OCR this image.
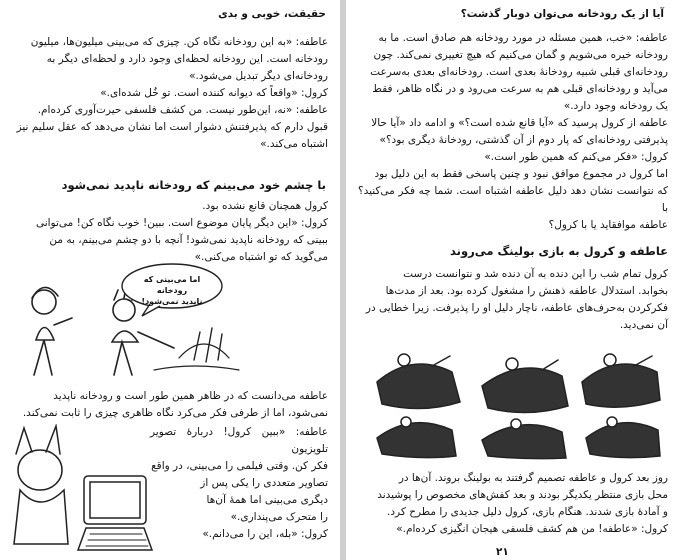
حقیقت، خوبی و بدی

عاطفه: «به این رودخانه نگاه کن. چیزی که می‌بینی میلیون‌ها، میلیون

رودخانه است. این رودخانه لحظه‌ای وجود دارد و لحظه‌ای دیگر به

رودخانه‌ای دیگر تبدیل می‌شود.»

کرول: «واقعاً که دیوانه کننده است. تو خُل شده‌ای.»

عاطفه: «نه، این‌طور نیست. من کشف فلسفی حیرت‌آوری کرده‌ام.

قبول دارم که پذیرفتنش دشوار است اما نشان می‌دهد که عقل سلیم نیز

اشتباه می‌کند.»

با چشم خود می‌بینم که رودخانه ناپدید نمی‌شود

کرول همچنان قانع نشده بود.

کرول: «این دیگر پایان موضوع است. ببین! خوب نگاه کن! می‌توانی

ببینی که رودخانه ناپدید نمی‌شود! آنچه با دو چشم می‌بینم، به من

می‌گوید که تو اشتباه می‌کنی.»

اما می‌بینی که رودخانه
ناپدید نمی‌شود!

عاطفه می‌دانست که در ظاهر همین طور است و رودخانه ناپدید

نمی‌شود، اما از طرفی فکر می‌کرد نگاه ظاهری چیزی را ثابت نمی‌کند.

عاطفه: «ببین کرول! دربارهٔ تصویر تلویزیون

فکر کن. وقتی فیلمی را می‌بینی، در واقع

تصاویر متعددی را یکی پس از

دیگری می‌بینی اما همهٔ آن‌ها

را متحرک می‌پنداری.»

کرول: «بله، این را می‌دانم.»

آیا از یک رودخانه می‌توان دوبار گذشت؟

عاطفه: «خب، همین مسئله در مورد رودخانه هم صادق است. ما به

رودخانه خیره می‌شویم و گمان می‌کنیم که هیچ تغییری نمی‌کند. چون

رودخانه‌ای قبلی شبیه رودخانهٔ بعدی است. رودخانه‌ای بعدی به‌سرعت

می‌آید و رودخانه‌ای قبلی هم به سرعت می‌رود و در نگاه ظاهر، فقط

یک رودخانه وجود دارد.»

عاطفه از کرول پرسید که «آیا قانع شده است؟» و ادامه داد «آیا حالا

پذیرفتی رودخانه‌ای که پار دوم از آن گذشتی، رودخانهٔ دیگری بود؟»

کرول: «فکر می‌کنم که همین طور است.»

اما کرول در مجموع موافق نبود و چنین پاسخی فقط به این دلیل بود

که نتوانست نشان دهد دلیل عاطفه اشتباه است. شما چه فکر می‌کنید؟ با

عاطفه موافقاید یا با کرول؟

عاطفه و کرول به بازی بولینگ می‌روند

کرول تمام شب را این دنده به آن دنده شد و نتوانست درست

بخوابد. استدلال عاطفه ذهنش را مشغول کرده بود. بعد از مدت‌ها

فکرکردن به‌حرف‌های عاطفه، ناچار دلیل او را پذیرفت. زیرا خطایی در

آن نمی‌دید.

روز بعد کرول و عاطفه تصمیم گرفتند به بولینگ بروند. آن‌ها در

محل بازی منتظر یکدیگر بودند و بعد کفش‌های مخصوص را پوشیدند

و آمادهٔ بازی شدند. هنگام بازی، کرول دلیل جدیدی را مطرح کرد.

کرول: «عاطفه! من هم کشف فلسفی هیجان انگیزی کرده‌ام.»

۲۱
